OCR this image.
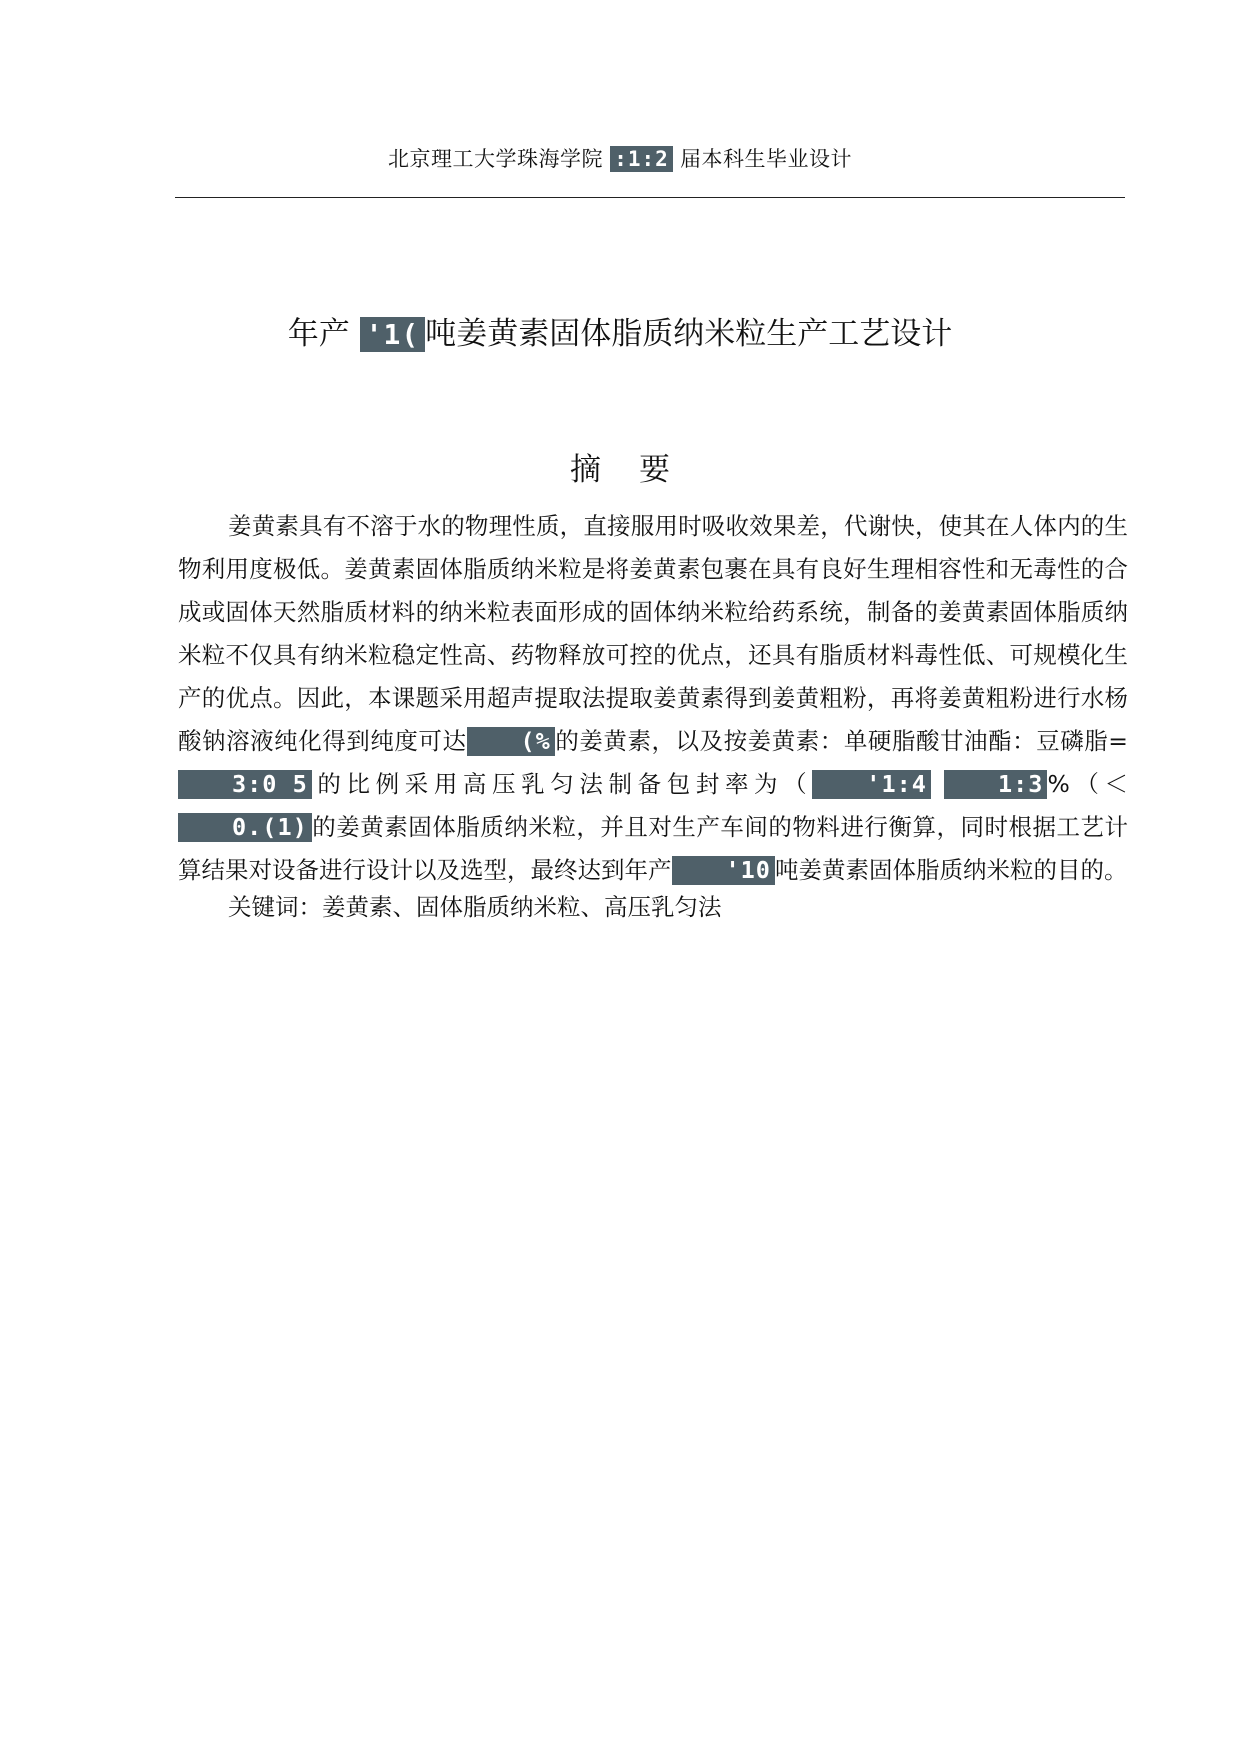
北京理工大学珠海学院 :1:2 届本科生毕业设计
年产 '1( 吨姜黄素固体脂质纳米粒生产工艺设计
摘要

姜黄素具有不溶于水的物理性质，直接服用时吸收效果差，代谢快，使其在人体内的生物利用度极低。姜黄素固体脂质纳米粒是将姜黄素包裹在具有良好生理相容性和无毒性的合成或固体天然脂质材料的纳米粒表面形成的固体纳米粒给药系统，制备的姜黄素固体脂质纳米粒不仅具有纳米粒稳定性高、药物释放可控的优点，还具有脂质材料毒性低、可规模化生产的优点。因此，本课题采用超声提取法提取姜黄素得到姜黄粗粉，再将姜黄粗粉进行水杨酸钠溶液纯化得到纯度可达 (% 的姜黄素，以及按姜黄素：单硬脂酸甘油酯：豆磷脂=3:0 5 的比例采用高压乳匀法制备包封率为（ '1:4	1:3 %（＜0.(1) 的姜黄素固体脂质纳米粒，并且对生产车间的物料进行衡算，同时根据工艺计算结果对设备进行设计以及选型，最终达到年产 '10 吨姜黄素固体脂质纳米粒的目的。

关键词：姜黄素、固体脂质纳米粒、高压乳匀法
